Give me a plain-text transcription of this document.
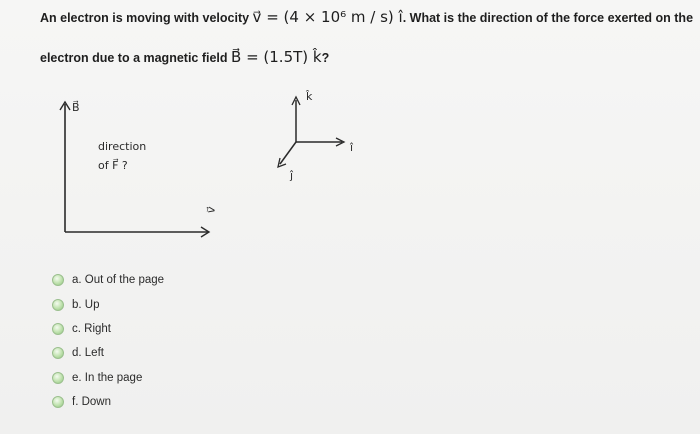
An electron is moving with velocity v⃗ = (4 × 10⁶ m / s) î. What is the direction of the force exerted on the
electron due to a magnetic field B⃗ = (1.5T) k̂?
B⃗
direction
of F⃗ ?
v⃗
k̂
î
ĵ
a. Out of the page
b. Up
c. Right
d. Left
e. In the page
f. Down
